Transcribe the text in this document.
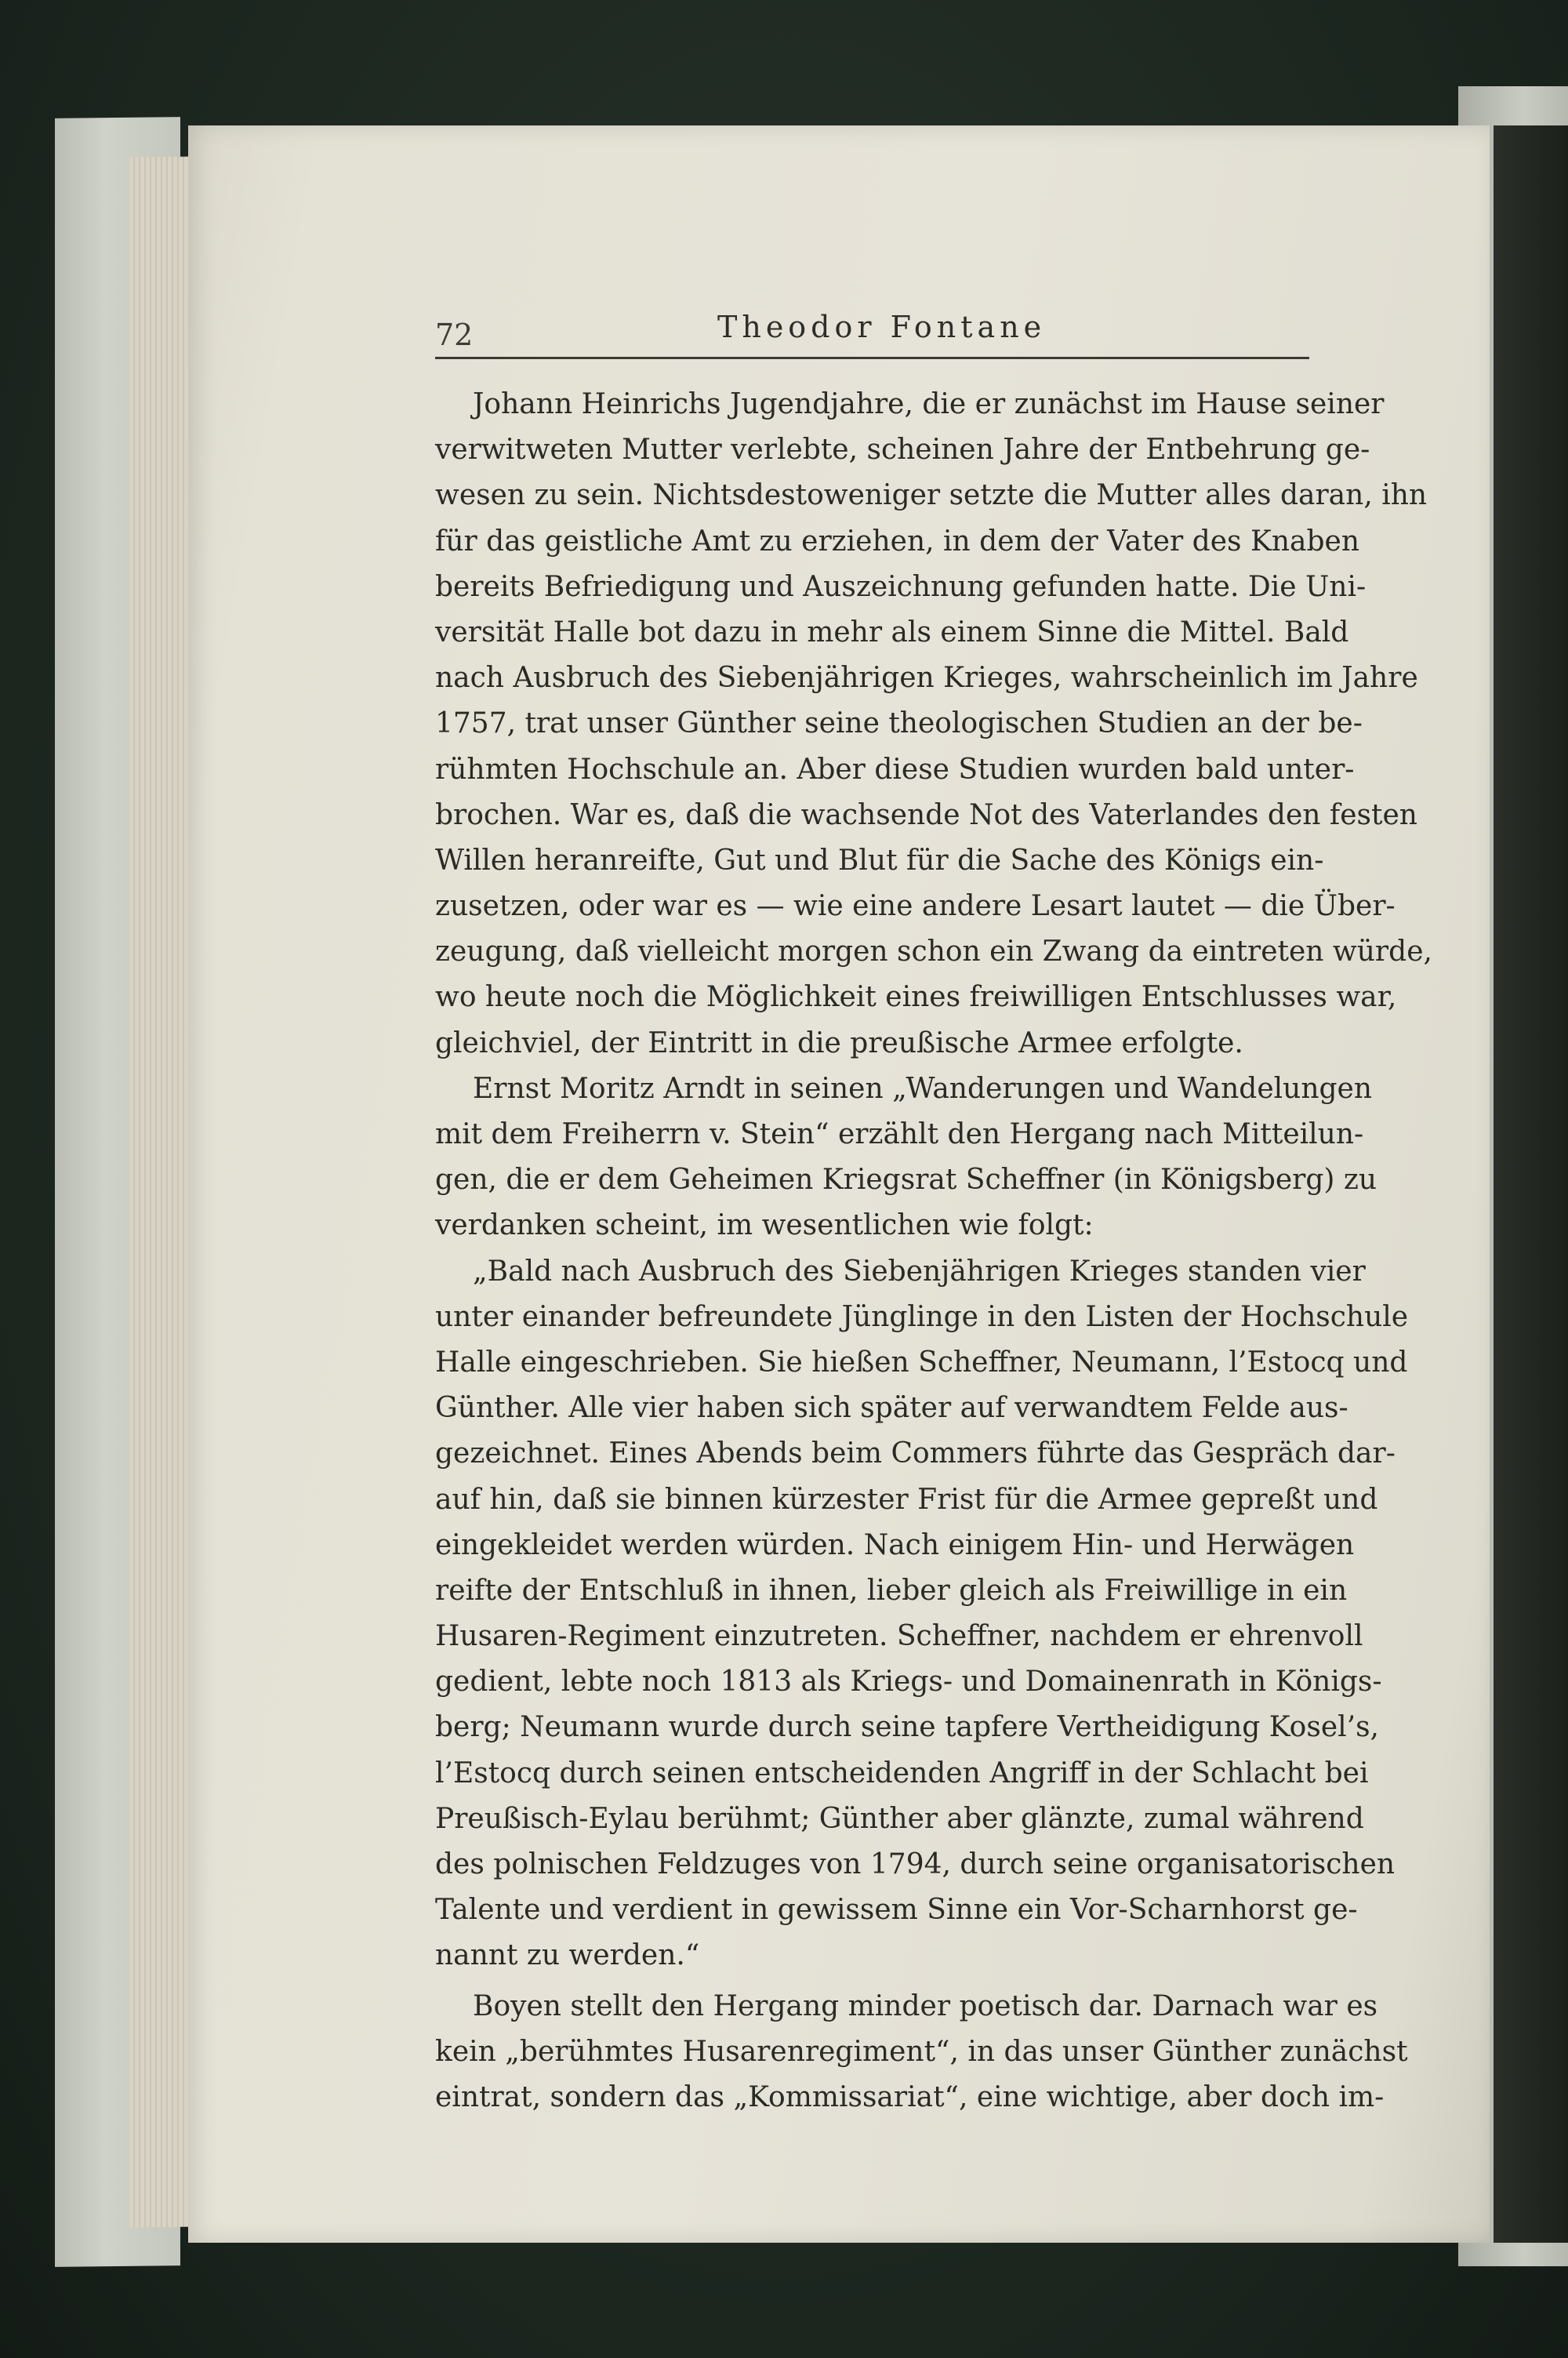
72	Theodor Fontane
Johann Heinrichs Jugendjahre, die er zunächst im Hause seiner
verwitweten Mutter verlebte, scheinen Jahre der Entbehrung ge-
wesen zu sein. Nichtsdestoweniger setzte die Mutter alles daran, ihn
für das geistliche Amt zu erziehen, in dem der Vater des Knaben
bereits Befriedigung und Auszeichnung gefunden hatte. Die Uni-
versität Halle bot dazu in mehr als einem Sinne die Mittel. Bald
nach Ausbruch des Siebenjährigen Krieges, wahrscheinlich im Jahre
1757, trat unser Günther seine theologischen Studien an der be-
rühmten Hochschule an. Aber diese Studien wurden bald unter-
brochen. War es, daß die wachsende Not des Vaterlandes den festen
Willen heranreifte, Gut und Blut für die Sache des Königs ein-
zusetzen, oder war es — wie eine andere Lesart lautet — die Über-
zeugung, daß vielleicht morgen schon ein Zwang da eintreten würde,
wo heute noch die Möglichkeit eines freiwilligen Entschlusses war,
gleichviel, der Eintritt in die preußische Armee erfolgte.
Ernst Moritz Arndt in seinen „Wanderungen und Wandelungen
mit dem Freiherrn v. Stein“ erzählt den Hergang nach Mitteilun-
gen, die er dem Geheimen Kriegsrat Scheffner (in Königsberg) zu
verdanken scheint, im wesentlichen wie folgt:
„Bald nach Ausbruch des Siebenjährigen Krieges standen vier
unter einander befreundete Jünglinge in den Listen der Hochschule
Halle eingeschrieben. Sie hießen Scheffner, Neumann, l’Estocq und
Günther. Alle vier haben sich später auf verwandtem Felde aus-
gezeichnet. Eines Abends beim Commers führte das Gespräch dar-
auf hin, daß sie binnen kürzester Frist für die Armee gepreßt und
eingekleidet werden würden. Nach einigem Hin- und Herwägen
reifte der Entschluß in ihnen, lieber gleich als Freiwillige in ein
Husaren-Regiment einzutreten. Scheffner, nachdem er ehrenvoll
gedient, lebte noch 1813 als Kriegs- und Domainenrath in Königs-
berg; Neumann wurde durch seine tapfere Vertheidigung Kosel’s,
l’Estocq durch seinen entscheidenden Angriff in der Schlacht bei
Preußisch-Eylau berühmt; Günther aber glänzte, zumal während
des polnischen Feldzuges von 1794, durch seine organisatorischen
Talente und verdient in gewissem Sinne ein Vor-Scharnhorst ge-
nannt zu werden.“
Boyen stellt den Hergang minder poetisch dar. Darnach war es
kein „berühmtes Husarenregiment“, in das unser Günther zunächst
eintrat, sondern das „Kommissariat“, eine wichtige, aber doch im-
